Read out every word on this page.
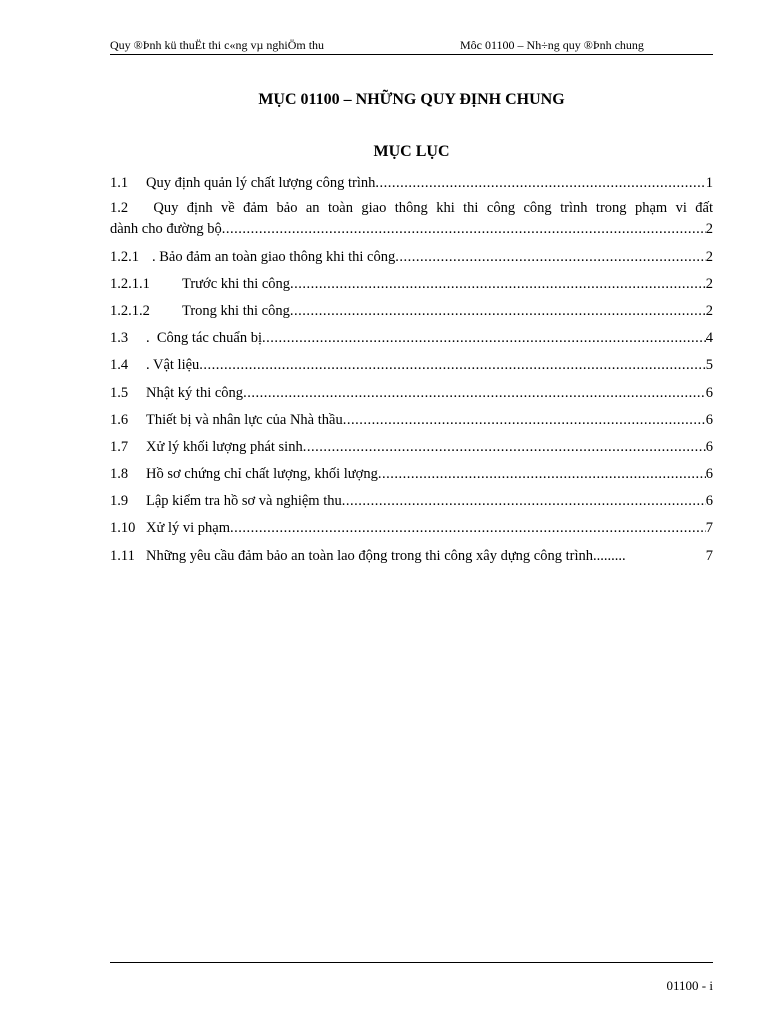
Quy ®Þnh kü thuËt thi c«ng vµ nghiÖm thu	Môc 01100 – Nh÷ng quy ®Þnh chung
MỤC 01100 – NHỮNG QUY ĐỊNH CHUNG
MỤC LỤC
1.1	Quy định quản lý chất lượng công trình .....	1
1.2 Quy định về đảm bảo an toàn giao thông khi thi công công trình trong phạm vi đất
dành cho đường bộ .....	2
1.2.1 . Bảo đảm an toàn giao thông khi thi công .....	2
1.2.1.1	Trước khi thi công .....	2
1.2.1.2	Trong khi thi công .....	2
1.3	.  Công tác chuẩn bị .....	4
1.4	. Vật liệu .....	5
1.5	Nhật ký thi công .....	6
1.6	Thiết bị và nhân lực của Nhà thầu .....	6
1.7	Xử lý khối lượng phát sinh .....	6
1.8	Hồ sơ chứng chỉ chất lượng, khối lượng .....	6
1.9	Lập kiểm tra hồ sơ và nghiệm thu .....	6
1.10 Xử lý vi phạm .....	7
1.11 Những yêu cầu đảm bảo an toàn lao động trong thi công xây dựng công trình .........	7
01100 - i
